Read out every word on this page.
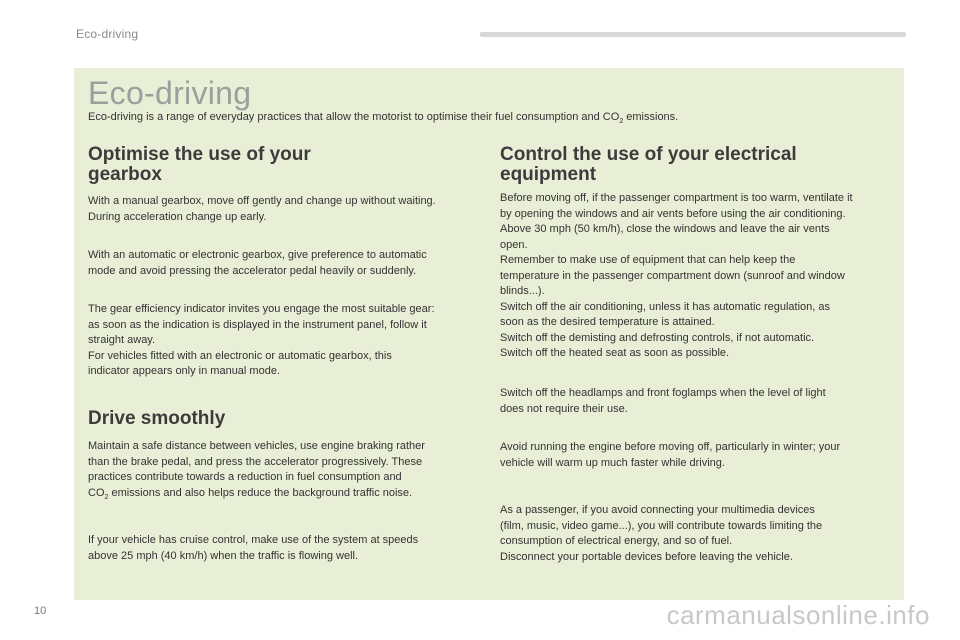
Eco-driving
Eco-driving
Eco-driving is a range of everyday practices that allow the motorist to optimise their fuel consumption and $CO_2$ emissions.
Optimise the use of your
gearbox

With a manual gearbox, move off gently and change up without waiting.
During acceleration change up early.

With an automatic or electronic gearbox, give preference to automatic
mode and avoid pressing the accelerator pedal heavily or suddenly.

The gear efficiency indicator invites you engage the most suitable gear:
as soon as the indication is displayed in the instrument panel, follow it
straight away.
For vehicles fitted with an electronic or automatic gearbox, this
indicator appears only in manual mode.

Drive smoothly

Maintain a safe distance between vehicles, use engine braking rather
than the brake pedal, and press the accelerator progressively. These
practices contribute towards a reduction in fuel consumption and
$CO_2$ emissions and also helps reduce the background traffic noise.

If your vehicle has cruise control, make use of the system at speeds
above 25 mph (40 km/h) when the traffic is flowing well.

Control the use of your electrical
equipment

Before moving off, if the passenger compartment is too warm, ventilate it
by opening the windows and air vents before using the air conditioning.
Above 30 mph (50 km/h), close the windows and leave the air vents
open.
Remember to make use of equipment that can help keep the
temperature in the passenger compartment down (sunroof and window
blinds...).
Switch off the air conditioning, unless it has automatic regulation, as
soon as the desired temperature is attained.
Switch off the demisting and defrosting controls, if not automatic.
Switch off the heated seat as soon as possible.

Switch off the headlamps and front foglamps when the level of light
does not require their use.

Avoid running the engine before moving off, particularly in winter; your
vehicle will warm up much faster while driving.

As a passenger, if you avoid connecting your multimedia devices
(film, music, video game...), you will contribute towards limiting the
consumption of electrical energy, and so of fuel.
Disconnect your portable devices before leaving the vehicle.

10	carmanualsonline.info
